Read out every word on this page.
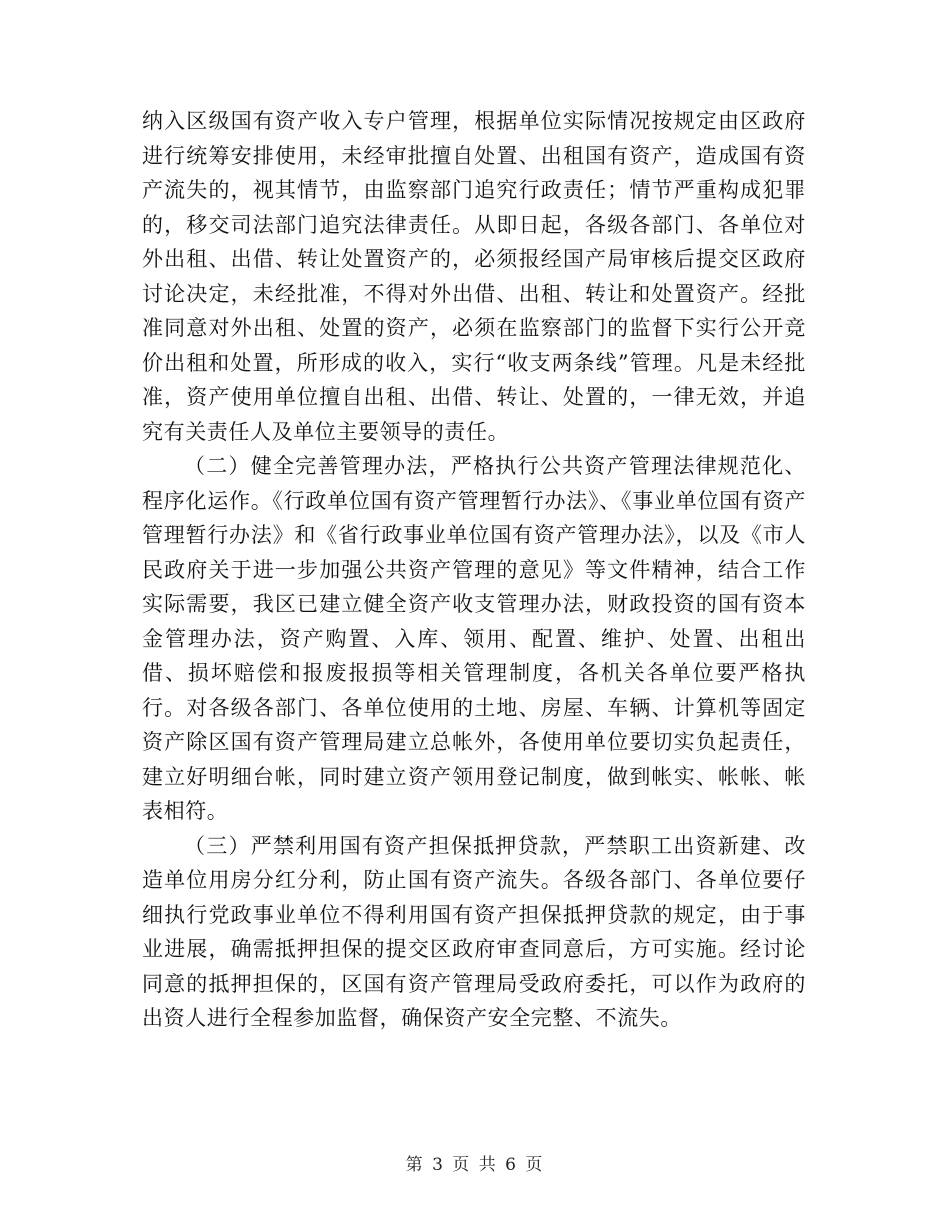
纳入区级国有资产收入专户管理，根据单位实际情况按规定由区政府进行统筹安排使用，未经审批擅自处置、出租国有资产，造成国有资产流失的，视其情节，由监察部门追究行政责任；情节严重构成犯罪的，移交司法部门追究法律责任。从即日起，各级各部门、各单位对外出租、出借、转让处置资产的，必须报经国产局审核后提交区政府讨论决定，未经批准，不得对外出借、出租、转让和处置资产。经批准同意对外出租、处置的资产，必须在监察部门的监督下实行公开竞价出租和处置，所形成的收入，实行“收支两条线”管理。凡是未经批准，资产使用单位擅自出租、出借、转让、处置的，一律无效，并追究有关责任人及单位主要领导的责任。

（二）健全完善管理办法，严格执行公共资产管理法律规范化、程序化运作。《行政单位国有资产管理暂行办法》、《事业单位国有资产管理暂行办法》和《省行政事业单位国有资产管理办法》，以及《市人民政府关于进一步加强公共资产管理的意见》等文件精神，结合工作实际需要，我区已建立健全资产收支管理办法，财政投资的国有资本金管理办法，资产购置、入库、领用、配置、维护、处置、出租出借、损坏赔偿和报废报损等相关管理制度，各机关各单位要严格执行。对各级各部门、各单位使用的土地、房屋、车辆、计算机等固定资产除区国有资产管理局建立总帐外，各使用单位要切实负起责任，建立好明细台帐，同时建立资产领用登记制度，做到帐实、帐帐、帐表相符。

（三）严禁利用国有资产担保抵押贷款，严禁职工出资新建、改造单位用房分红分利，防止国有资产流失。各级各部门、各单位要仔细执行党政事业单位不得利用国有资产担保抵押贷款的规定，由于事业进展，确需抵押担保的提交区政府审查同意后，方可实施。经讨论同意的抵押担保的，区国有资产管理局受政府委托，可以作为政府的出资人进行全程参加监督，确保资产安全完整、不流失。

第 3 页 共 6 页
